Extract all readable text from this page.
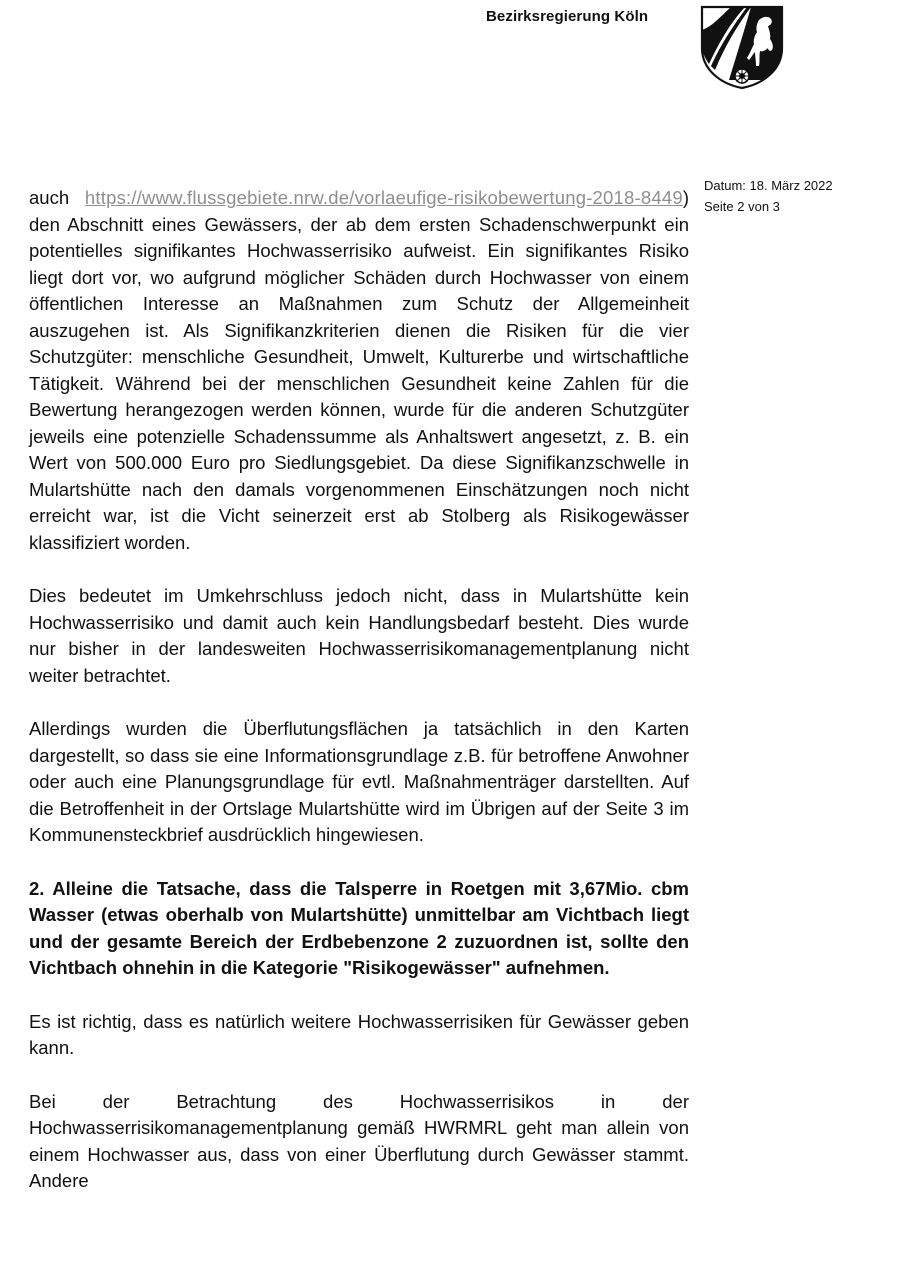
Bezirksregierung Köln
Datum: 18. März 2022
Seite 2 von 3

auch https://www.flussgebiete.nrw.de/vorlaeufige-risikobewertung-2018-8449) den Abschnitt eines Gewässers, der ab dem ersten Schadenschwerpunkt ein potentielles signifikantes Hochwasserrisiko aufweist. Ein signifikantes Risiko liegt dort vor, wo aufgrund möglicher Schäden durch Hochwasser von einem öffentlichen Interesse an Maßnahmen zum Schutz der Allgemeinheit auszugehen ist. Als Signifikanzkriterien dienen die Risiken für die vier Schutzgüter: menschliche Gesundheit, Umwelt, Kulturerbe und wirtschaftliche Tätigkeit. Während bei der menschlichen Gesundheit keine Zahlen für die Bewertung herangezogen werden können, wurde für die anderen Schutzgüter jeweils eine potenzielle Schadenssumme als Anhaltswert angesetzt, z. B. ein Wert von 500.000 Euro pro Siedlungsgebiet. Da diese Signifikanzschwelle in Mulartshütte nach den damals vorgenommenen Einschätzungen noch nicht erreicht war, ist die Vicht seinerzeit erst ab Stolberg als Risikogewässer klassifiziert worden.

Dies bedeutet im Umkehrschluss jedoch nicht, dass in Mulartshütte kein Hochwasserrisiko und damit auch kein Handlungsbedarf besteht. Dies wurde nur bisher in der landesweiten Hochwasserrisikomanagementplanung nicht weiter betrachtet.

Allerdings wurden die Überflutungsflächen ja tatsächlich in den Karten dargestellt, so dass sie eine Informationsgrundlage z.B. für betroffene Anwohner oder auch eine Planungsgrundlage für evtl. Maßnahmenträger darstellten. Auf die Betroffenheit in der Ortslage Mulartshütte wird im Übrigen auf der Seite 3 im Kommunensteckbrief ausdrücklich hingewiesen.

2. Alleine die Tatsache, dass die Talsperre in Roetgen mit 3,67Mio. cbm Wasser (etwas oberhalb von Mulartshütte) unmittelbar am Vichtbach liegt und der gesamte Bereich der Erdbebenzone 2 zuzuordnen ist, sollte den Vichtbach ohnehin in die Kategorie "Risikogewässer" aufnehmen.

Es ist richtig, dass es natürlich weitere Hochwasserrisiken für Gewässer geben kann.

Bei der Betrachtung des Hochwasserrisikos in der Hochwasserrisikomanagementplanung gemäß HWRMRL geht man allein von einem Hochwasser aus, dass von einer Überflutung durch Gewässer stammt. Andere
